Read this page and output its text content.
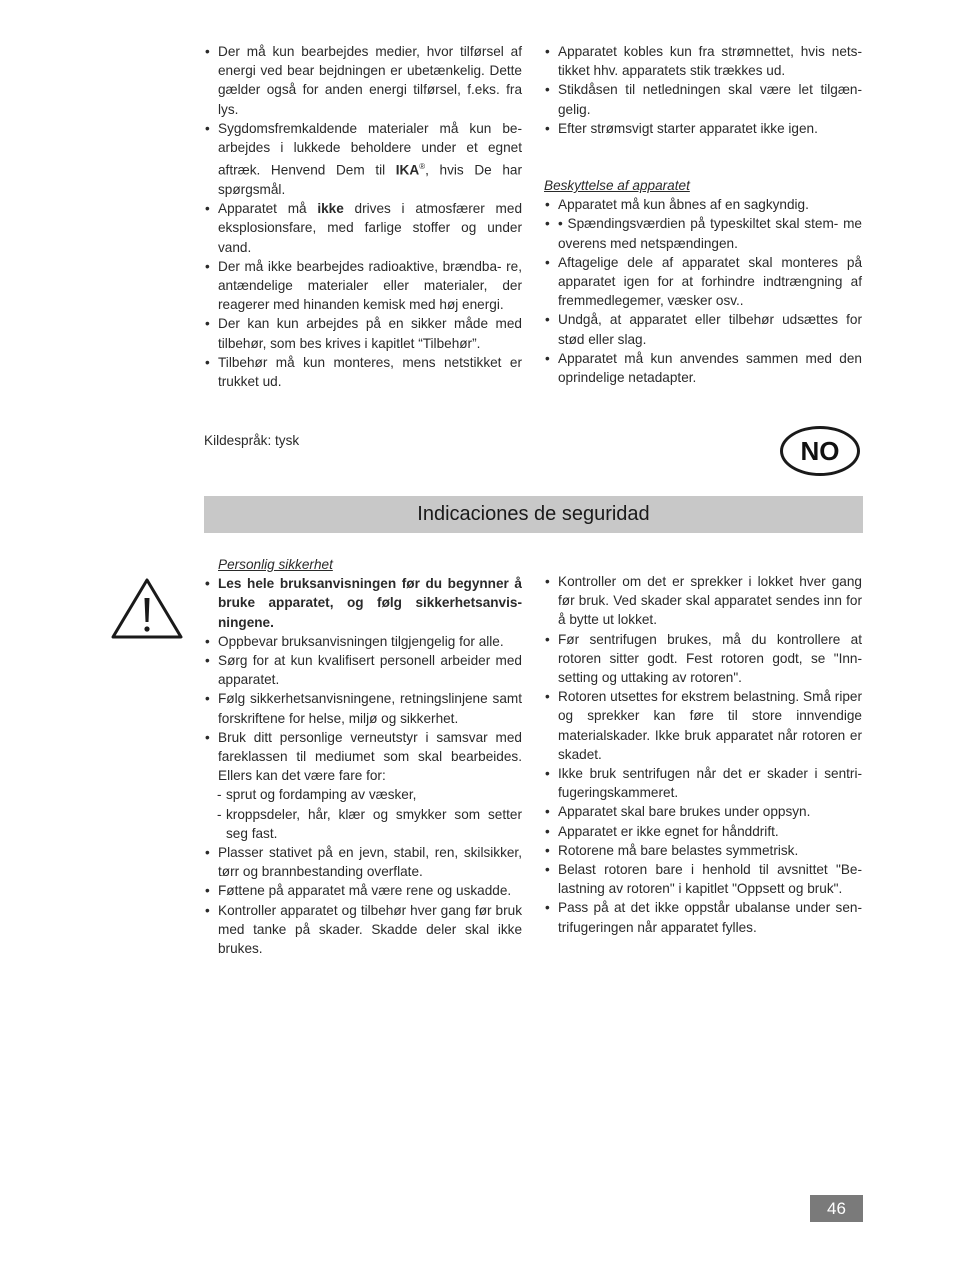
• Der må kun bearbejdes medier, hvor tilførsel af energi ved bear bejdningen er ubetænkelig. Dette gælder også for anden energi tilførsel, f.eks. fra lys.
• Sygdomsfremkaldende materialer må kun be- arbejdes i lukkede beholdere under et egnet aftræk. Henvend Dem til IKA®, hvis De har spørgsmål.
• Apparatet må ikke drives i atmosfærer med eksplosionsfare, med farlige stoffer og under vand.
• Der må ikke bearbejdes radioaktive, brændba- re, antændelige materialer eller materialer, der reagerer med hinanden kemisk med høj energi.
• Der kan kun arbejdes på en sikker måde med tilbehør, som bes krives i kapitlet “Tilbehør”.
• Tilbehør må kun monteres, mens netstikket er trukket ud.
• Apparatet kobles kun fra strømnettet, hvis nets- tikket hhv. apparatets stik trækkes ud.
• Stikdåsen til netledningen skal være let tilgæn- gelig.
• Efter strømsvigt starter apparatet ikke igen.
Beskyttelse af apparatet
• Apparatet må kun åbnes af en sagkyndig.
• • Spændingsværdien på typeskiltet skal stem- me overens med netspændingen.
• Aftagelige dele af apparatet skal monteres på apparatet igen for at forhindre indtrængning af fremmedlegemer, væsker osv..
• Undgå, at apparatet eller tilbehør udsættes for stød eller slag.
• Apparatet må kun anvendes sammen med den oprindelige netadapter.
Kildespråk: tysk	NO
Indicaciones de seguridad
Personlig sikkerhet
• Les hele bruksanvisningen før du begynner å bruke apparatet, og følg sikkerhetsanvis- ningene.
• Oppbevar bruksanvisningen tilgjengelig for alle.
• Sørg for at kun kvalifisert personell arbeider med apparatet.
• Følg sikkerhetsanvisningene, retningslinjene samt forskriftene for helse, miljø og sikkerhet.
• Bruk ditt personlige verneutstyr i samsvar med fareklassen til mediumet som skal bearbeides. Ellers kan det være fare for:
- sprut og fordamping av væsker,
- kroppsdeler, hår, klær og smykker som setter seg fast.
• Plasser stativet på en jevn, stabil, ren, skilsikker, tørr og brannbestanding overflate.
• Føttene på apparatet må være rene og uskadde.
• Kontroller apparatet og tilbehør hver gang før bruk med tanke på skader. Skadde deler skal ikke brukes.
• Kontroller om det er sprekker i lokket hver gang før bruk. Ved skader skal apparatet sendes inn for å bytte ut lokket.
• Før sentrifugen brukes, må du kontrollere at rotoren sitter godt. Fest rotoren godt, se "Inn- setting og uttaking av rotoren".
• Rotoren utsettes for ekstrem belastning. Små riper og sprekker kan føre til store innvendige materialskader. Ikke bruk apparatet når rotoren er skadet.
• Ikke bruk sentrifugen når det er skader i sentri- fugeringskammeret.
• Apparatet skal bare brukes under oppsyn.
• Apparatet er ikke egnet for hånddrift.
• Rotorene må bare belastes symmetrisk.
• Belast rotoren bare i henhold til avsnittet "Be- lastning av rotoren" i kapitlet "Oppsett og bruk".
• Pass på at det ikke oppstår ubalanse under sen- trifugeringen når apparatet fylles.
46
